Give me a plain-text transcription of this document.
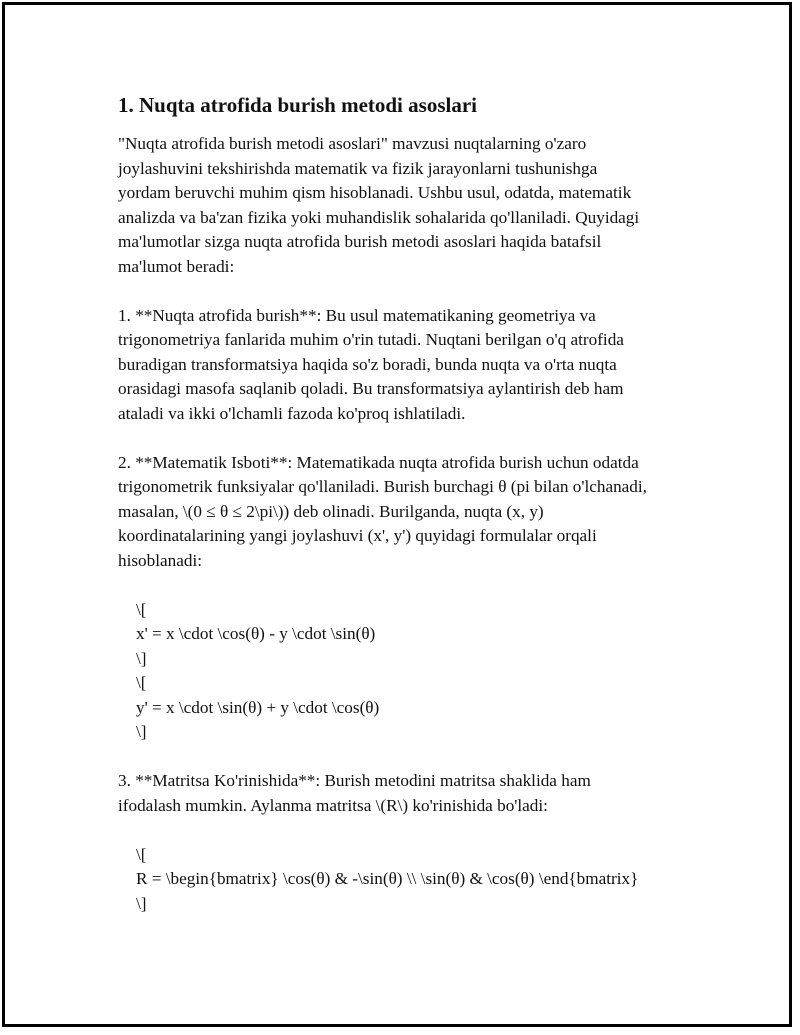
1. Nuqta atrofida burish metodi asoslari
"Nuqta atrofida burish metodi asoslari" mavzusi nuqtalarning o'zaro
joylashuvini tekshirishda matematik va fizik jarayonlarni tushunishga
yordam beruvchi muhim qism hisoblanadi. Ushbu usul, odatda, matematik
analizda va ba'zan fizika yoki muhandislik sohalarida qo'llaniladi. Quyidagi
ma'lumotlar sizga nuqta atrofida burish metodi asoslari haqida batafsil
ma'lumot beradi:
1. **Nuqta atrofida burish**: Bu usul matematikaning geometriya va
trigonometriya fanlarida muhim o'rin tutadi. Nuqtani berilgan o'q atrofida
buradigan transformatsiya haqida so'z boradi, bunda nuqta va o'rta nuqta
orasidagi masofa saqlanib qoladi. Bu transformatsiya aylantirish deb ham
ataladi va ikki o'lchamli fazoda ko'proq ishlatiladi.
2. **Matematik Isboti**: Matematikada nuqta atrofida burish uchun odatda
trigonometrik funksiyalar qo'llaniladi. Burish burchagi θ (pi bilan o'lchanadi,
masalan, \(0 ≤ θ ≤ 2\pi\)) deb olinadi. Burilganda, nuqta (x, y)
koordinatalarining yangi joylashuvi (x', y') quyidagi formulalar orqali
hisoblanadi:
\[
x' = x \cdot \cos(θ) - y \cdot \sin(θ)
\]
\[
y' = x \cdot \sin(θ) + y \cdot \cos(θ)
\]
3. **Matritsa Ko'rinishida**: Burish metodini matritsa shaklida ham
ifodalash mumkin. Aylanma matritsa \(R\) ko'rinishida bo'ladi:
\[
R = \begin{bmatrix} \cos(θ) & -\sin(θ) \\ \sin(θ) & \cos(θ) \end{bmatrix}
\]
